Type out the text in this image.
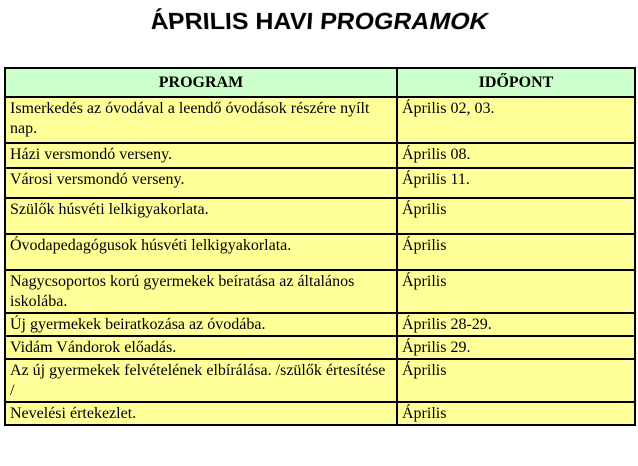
ÁPRILIS HAVI PROGRAMOK
PROGRAM	IDŐPONT
Ismerkedés az óvodával a leendő óvodások részére nyílt nap.	Április 02, 03.
Házi versmondó verseny.	Április 08.
Városi versmondó verseny.	Április 11.
Szülők húsvéti lelkigyakorlata.	Április
Óvodapedagógusok húsvéti lelkigyakorlata.	Április
Nagycsoportos korú gyermekek beíratása az általános iskolába.	Április
Új gyermekek beiratkozása az óvodába.	Április 28-29.
Vidám Vándorok előadás.	Április 29.
Az új gyermekek felvételének elbírálása. /szülők értesítése /	Április
Nevelési értekezlet.	Április
